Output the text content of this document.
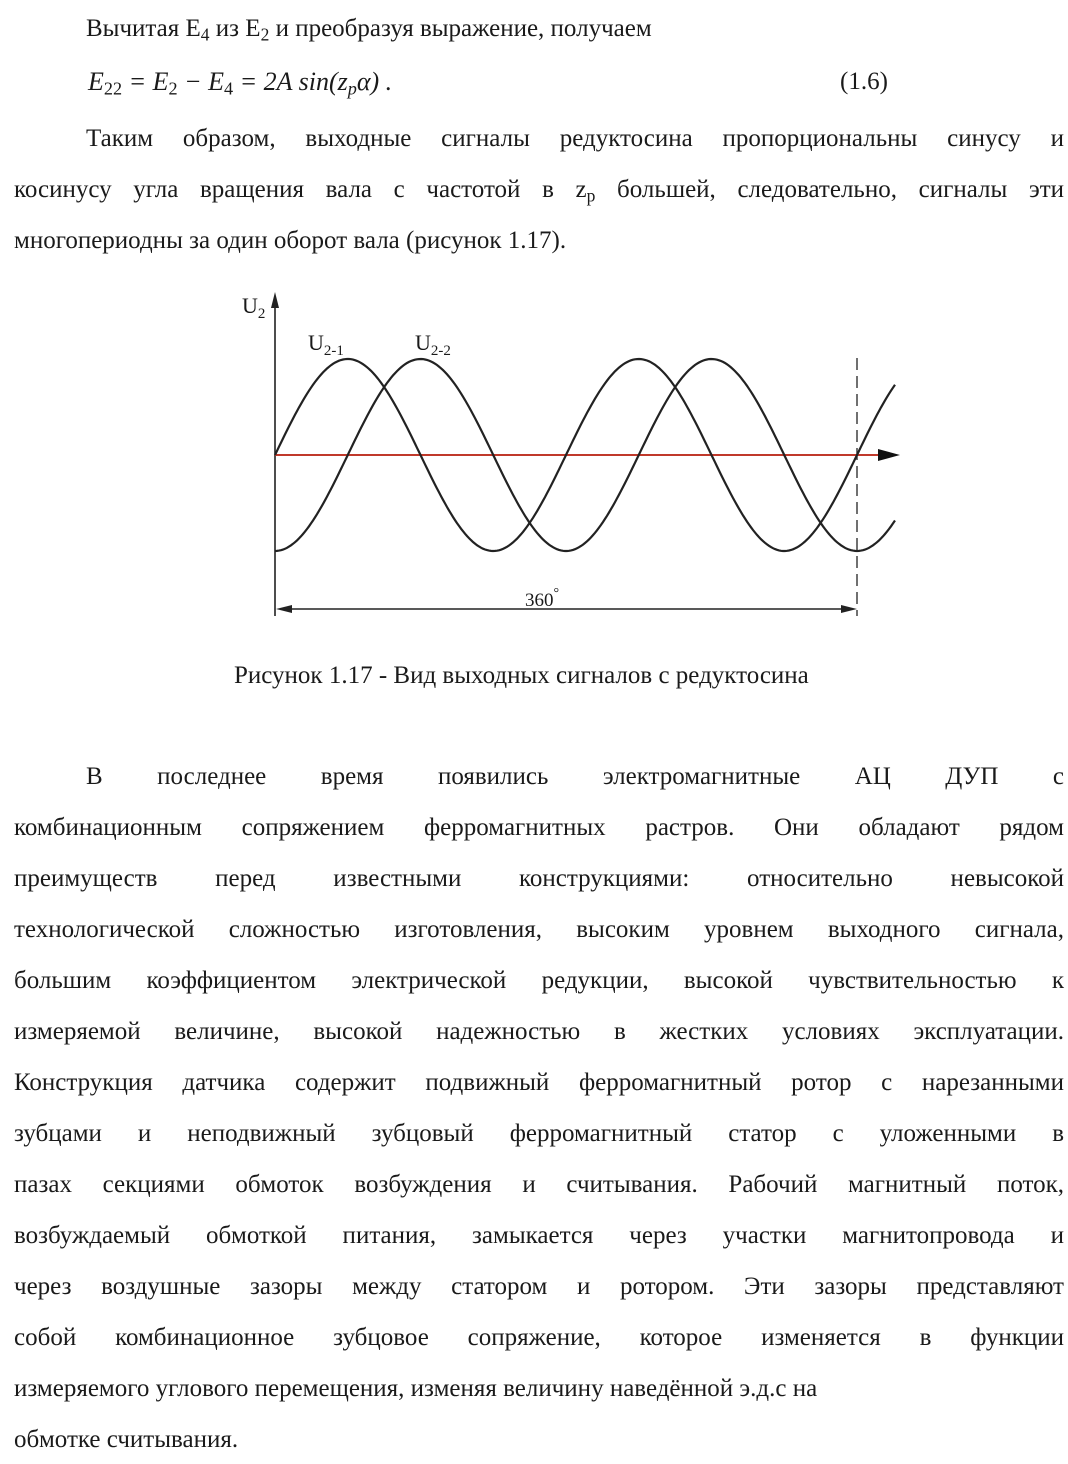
Вычитая $E_4$ из $E_2$ и преобразуя выражение, получаем
$E_{22} = E_2 - E_4 = 2A$ $\sin(z_p\alpha)$ .	(1.6)
Таким образом, выходные сигналы редуктосина пропорциональны синусу и
косинусу угла вращения вала с частотой в $z_p$ большей, следовательно, сигналы эти
многопериодны за один оборот вала (рисунок 1.17).
$U_2$
$U_{2-1}$	$U_{2-2}$
360°
Рисунок 1.17 - Вид выходных сигналов с редуктосина
В последнее время появились электромагнитные АЦ ДУП с
комбинационным сопряжением ферромагнитных растров. Они обладают рядом
преимуществ перед известными конструкциями: относительно невысокой
технологической сложностью изготовления, высоким уровнем выходного сигнала,
большим коэффициентом электрической редукции, высокой чувствительностью к
измеряемой величине, высокой надежностью в жестких условиях эксплуатации.
Конструкция датчика содержит подвижный ферромагнитный ротор с нарезанными
зубцами и неподвижный зубцовый ферромагнитный статор с уложенными в
пазах секциями обмоток возбуждения и считывания. Рабочий магнитный поток,
возбуждаемый обмоткой питания, замыкается через участки магнитопровода и
через воздушные зазоры между статором и ротором. Эти зазоры представляют
собой комбинационное зубцовое сопряжение, которое изменяется в функции
измеряемого углового перемещения, изменяя величину наведённой э.д.с на
обмотке считывания.
